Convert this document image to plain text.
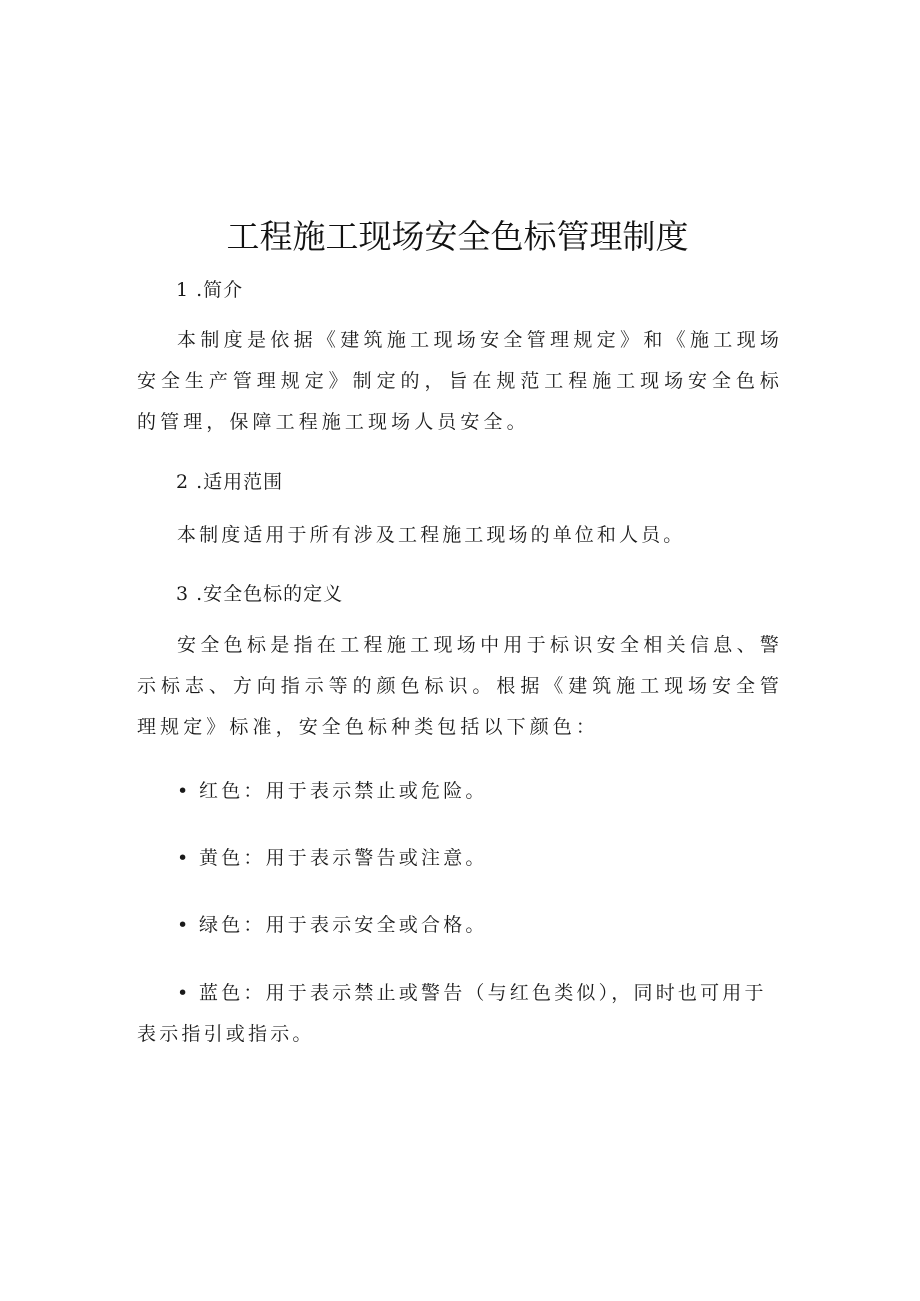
工程施工现场安全色标管理制度

1 .简介

本制度是依据《建筑施工现场安全管理规定》和《施工现场安全生产管理规定》制定的，旨在规范工程施工现场安全色标的管理，保障工程施工现场人员安全。

2 .适用范围

本制度适用于所有涉及工程施工现场的单位和人员。

3 .安全色标的定义

安全色标是指在工程施工现场中用于标识安全相关信息、警示标志、方向指示等的颜色标识。根据《建筑施工现场安全管理规定》标准，安全色标种类包括以下颜色：

• 红色：用于表示禁止或危险。

• 黄色：用于表示警告或注意。

• 绿色：用于表示安全或合格。

• 蓝色：用于表示禁止或警告（与红色类似），同时也可用于表示指引或指示。
